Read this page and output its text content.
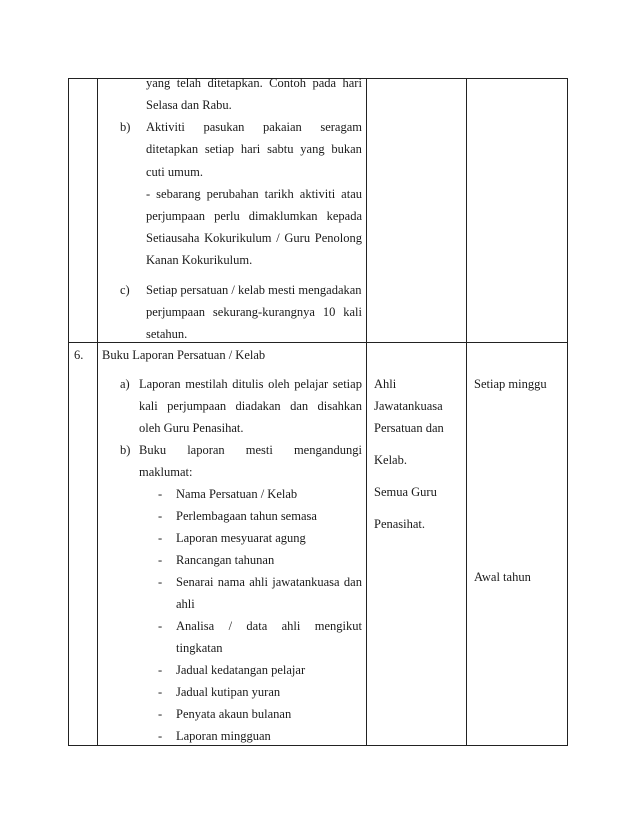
yang telah ditetapkan. Contoh pada hari
Selasa dan Rabu.
b) Aktiviti pasukan pakaian seragam
ditetapkan setiap hari sabtu yang bukan
cuti umum.
- sebarang perubahan tarikh aktiviti atau
perjumpaan perlu dimaklumkan kepada
Setiausaha Kokurikulum / Guru Penolong
Kanan Kokurikulum.
c) Setiap persatuan / kelab mesti mengadakan
perjumpaan sekurang-kurangnya 10 kali
setahun.
6. Buku Laporan Persatuan / Kelab
a) Laporan mestilah ditulis oleh pelajar setiap
kali perjumpaan diadakan dan disahkan
oleh Guru Penasihat.
b) Buku laporan mesti mengandungi
maklumat:
Setiap minggu
Awal tahun
- Nama Persatuan / Kelab
- Perlembagaan tahun semasa
- Laporan mesyuarat agung
- Rancangan tahunan
- Senarai nama ahli jawatankuasa dan
ahli
- Analisa / data ahli mengikut
tingkatan
- Jadual kedatangan pelajar
- Jadual kutipan yuran
- Penyata akaun bulanan
- Laporan mingguan
Ahli
Jawatankuasa
Persatuan dan
Kelab.
Semua Guru
Penasihat.
